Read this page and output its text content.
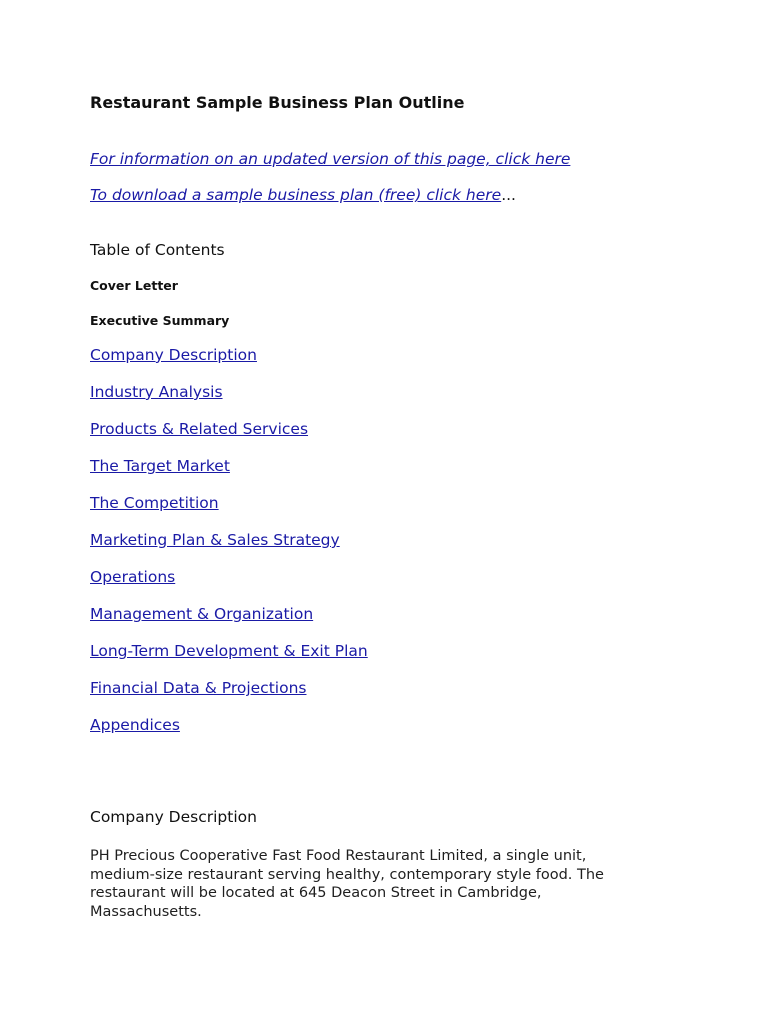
Restaurant Sample Business Plan Outline
For information on an updated version of this page, click here
To download a sample business plan (free) click here...
Table of Contents
Cover Letter
Executive Summary
Company Description
Industry Analysis
Products & Related Services
The Target Market
The Competition
Marketing Plan & Sales Strategy
Operations
Management & Organization
Long-Term Development & Exit Plan
Financial Data & Projections
Appendices
Company Description
PH Precious Cooperative Fast Food Restaurant Limited, a single unit, medium-size restaurant serving healthy, contemporary style food. The restaurant will be located at 645 Deacon Street in Cambridge, Massachusetts.
